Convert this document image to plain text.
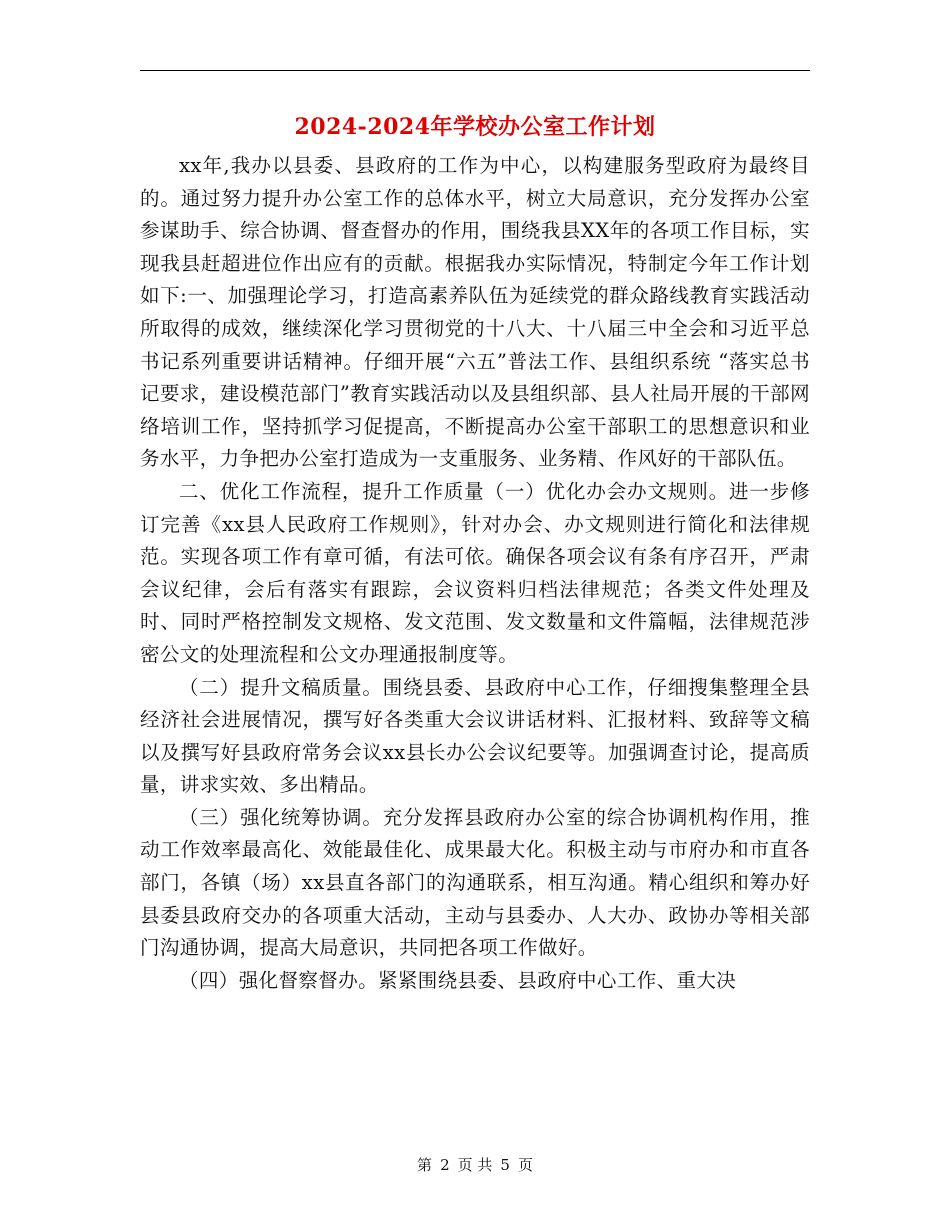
2024-2024年学校办公室工作计划

xx年,我办以县委、县政府的工作为中心，以构建服务型政府为最终目的。通过努力提升办公室工作的总体水平，树立大局意识，充分发挥办公室参谋助手、综合协调、督查督办的作用，围绕我县XX年的各项工作目标，实现我县赶超进位作出应有的贡献。根据我办实际情况，特制定今年工作计划如下:一、加强理论学习，打造高素养队伍为延续党的群众路线教育实践活动所取得的成效，继续深化学习贯彻党的十八大、十八届三中全会和习近平总书记系列重要讲话精神。仔细开展“六五”普法工作、县组织系统 “落实总书记要求，建设模范部门”教育实践活动以及县组织部、县人社局开展的干部网络培训工作，坚持抓学习促提高，不断提高办公室干部职工的思想意识和业务水平，力争把办公室打造成为一支重服务、业务精、作风好的干部队伍。

二、优化工作流程，提升工作质量（一）优化办会办文规则。进一步修订完善《xx县人民政府工作规则》，针对办会、办文规则进行简化和法律规范。实现各项工作有章可循，有法可依。确保各项会议有条有序召开，严肃会议纪律，会后有落实有跟踪，会议资料归档法律规范；各类文件处理及时、同时严格控制发文规格、发文范围、发文数量和文件篇幅，法律规范涉密公文的处理流程和公文办理通报制度等。

（二）提升文稿质量。围绕县委、县政府中心工作，仔细搜集整理全县经济社会进展情况，撰写好各类重大会议讲话材料、汇报材料、致辞等文稿以及撰写好县政府常务会议xx县长办公会议纪要等。加强调查讨论，提高质量，讲求实效、多出精品。

（三）强化统筹协调。充分发挥县政府办公室的综合协调机构作用，推动工作效率最高化、效能最佳化、成果最大化。积极主动与市府办和市直各部门，各镇（场）xx县直各部门的沟通联系，相互沟通。精心组织和筹办好县委县政府交办的各项重大活动，主动与县委办、人大办、政协办等相关部门沟通协调，提高大局意识，共同把各项工作做好。

（四）强化督察督办。紧紧围绕县委、县政府中心工作、重大决

第 2 页 共 5 页
